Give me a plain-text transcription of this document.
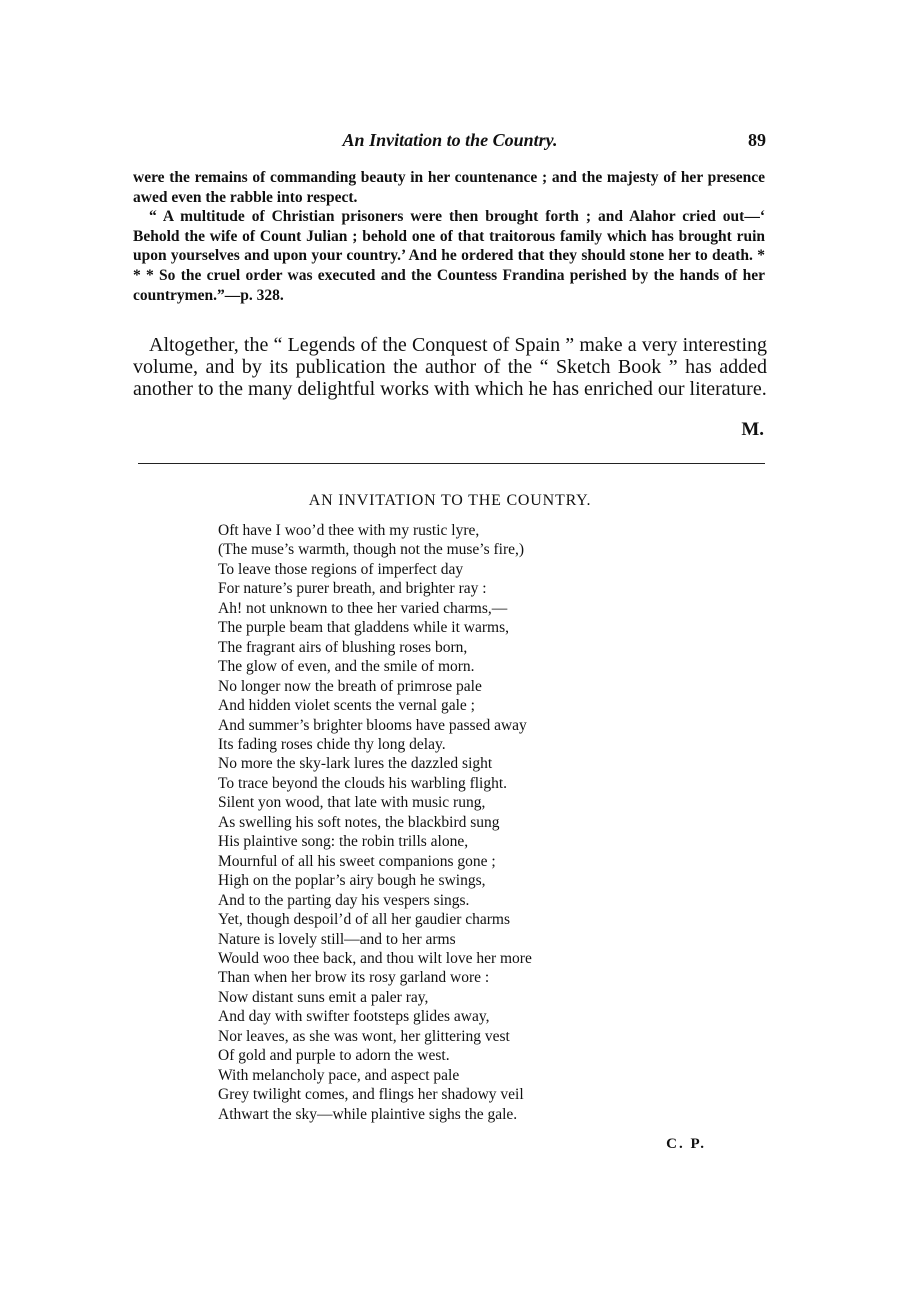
An Invitation to the Country.	89

were the remains of commanding beauty in her countenance ; and the majesty of her presence awed even the rabble into respect.

“ A multitude of Christian prisoners were then brought forth ; and Alahor cried out—‘ Behold the wife of Count Julian ; behold one of that traitorous family which has brought ruin upon yourselves and upon your country.’ And he ordered that they should stone her to death. * * * So the cruel order was executed and the Countess Frandina perished by the hands of her countrymen.”—p. 328.

Altogether, the “ Legends of the Conquest of Spain ” make a very interesting volume, and by its publication the author of the “ Sketch Book ” has added another to the many delightful works with which he has enriched our literature.

M.
AN INVITATION TO THE COUNTRY.
Oft have I woo’d thee with my rustic lyre,
(The muse’s warmth, though not the muse’s fire,)
To leave those regions of imperfect day
For nature’s purer breath, and brighter ray :
Ah! not unknown to thee her varied charms,—
The purple beam that gladdens while it warms,
The fragrant airs of blushing roses born,
The glow of even, and the smile of morn.
No longer now the breath of primrose pale
And hidden violet scents the vernal gale ;
And summer’s brighter blooms have passed away
Its fading roses chide thy long delay.
No more the sky-lark lures the dazzled sight
To trace beyond the clouds his warbling flight.
Silent yon wood, that late with music rung,
As swelling his soft notes, the blackbird sung
His plaintive song: the robin trills alone,
Mournful of all his sweet companions gone ;
High on the poplar’s airy bough he swings,
And to the parting day his vespers sings.
Yet, though despoil’d of all her gaudier charms
Nature is lovely still—and to her arms
Would woo thee back, and thou wilt love her more
Than when her brow its rosy garland wore :
Now distant suns emit a paler ray,
And day with swifter footsteps glides away,
Nor leaves, as she was wont, her glittering vest
Of gold and purple to adorn the west.
With melancholy pace, and aspect pale
Grey twilight comes, and flings her shadowy veil
Athwart the sky—while plaintive sighs the gale.
C. P.
